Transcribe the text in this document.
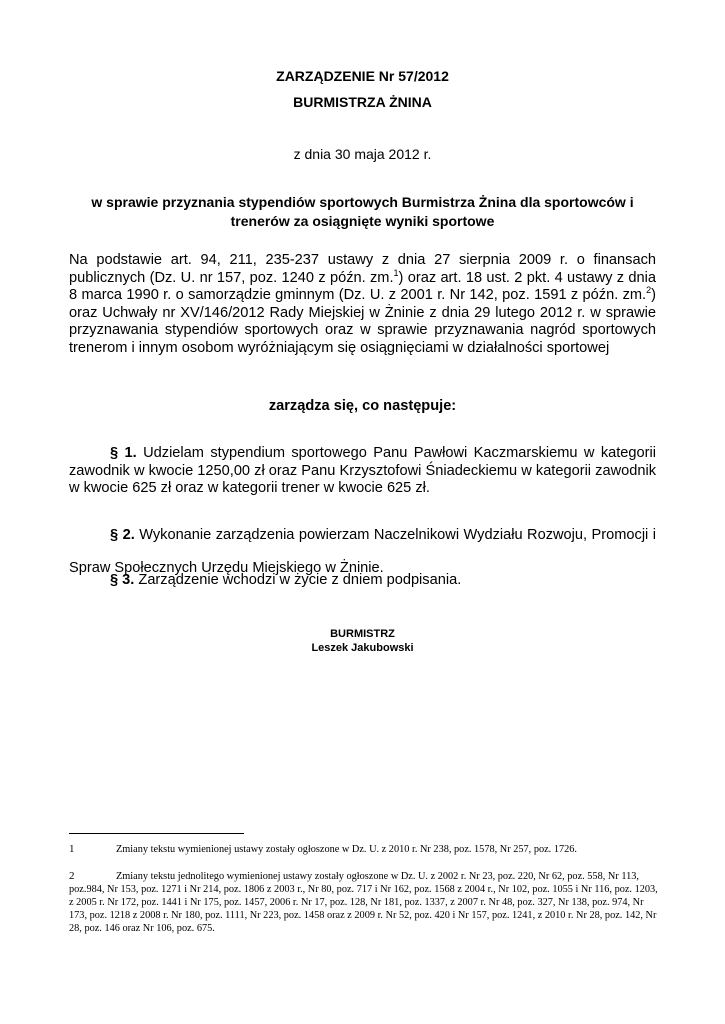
ZARZĄDZENIE Nr 57/2012
BURMISTRZA ŻNINA
z dnia 30 maja 2012 r.
w sprawie przyznania stypendiów sportowych Burmistrza Żnina dla sportowców i
trenerów za osiągnięte wyniki sportowe
Na podstawie art. 94, 211, 235-237 ustawy z dnia 27 sierpnia 2009 r. o finansach publicznych (Dz. U. nr 157, poz. 1240 z późn. zm.$^1$) oraz art. 18 ust. 2 pkt. 4 ustawy z dnia 8 marca 1990 r. o samorządzie gminnym (Dz. U. z 2001 r. Nr 142, poz. 1591 z późn. zm.$^2$) oraz Uchwały nr XV/146/2012 Rady Miejskiej w Żninie z dnia 29 lutego 2012 r. w sprawie przyznawania stypendiów sportowych oraz w sprawie przyznawania nagród sportowych trenerom i innym osobom wyróżniającym się osiągnięciami w działalności sportowej
zarządza się, co następuje:
§ 1. Udzielam stypendium sportowego Panu Pawłowi Kaczmarskiemu w kategorii zawodnik w kwocie 1250,00 zł oraz Panu Krzysztofowi Śniadeckiemu w kategorii zawodnik w kwocie 625 zł oraz w kategorii trener w kwocie 625 zł.
§ 2. Wykonanie zarządzenia powierzam Naczelnikowi Wydziału Rozwoju, Promocji i Spraw Społecznych Urzędu Miejskiego w Żninie.
§ 3. Zarządzenie wchodzi w życie z dniem podpisania.
BURMISTRZ
Leszek Jakubowski
1	Zmiany tekstu wymienionej ustawy zostały ogłoszone w Dz. U. z 2010 r. Nr 238, poz. 1578, Nr 257, poz. 1726.
2	Zmiany tekstu jednolitego wymienionej ustawy zostały ogłoszone w Dz. U. z 2002 r. Nr 23, poz. 220, Nr 62, poz. 558, Nr 113, poz.984, Nr 153, poz. 1271 i Nr 214, poz. 1806 z 2003 r., Nr 80, poz. 717 i Nr 162, poz. 1568 z 2004 r., Nr 102, poz. 1055 i Nr 116, poz. 1203, z 2005 r. Nr 172, poz. 1441 i Nr 175, poz. 1457, 2006 r. Nr 17, poz. 128, Nr 181, poz. 1337, z 2007 r. Nr 48, poz. 327, Nr 138, poz. 974, Nr 173, poz. 1218 z 2008 r. Nr 180, poz. 1111, Nr 223, poz. 1458 oraz z 2009 r. Nr 52, poz. 420 i Nr 157, poz. 1241, z 2010 r. Nr 28, poz. 142, Nr 28, poz. 146 oraz Nr 106, poz. 675.
